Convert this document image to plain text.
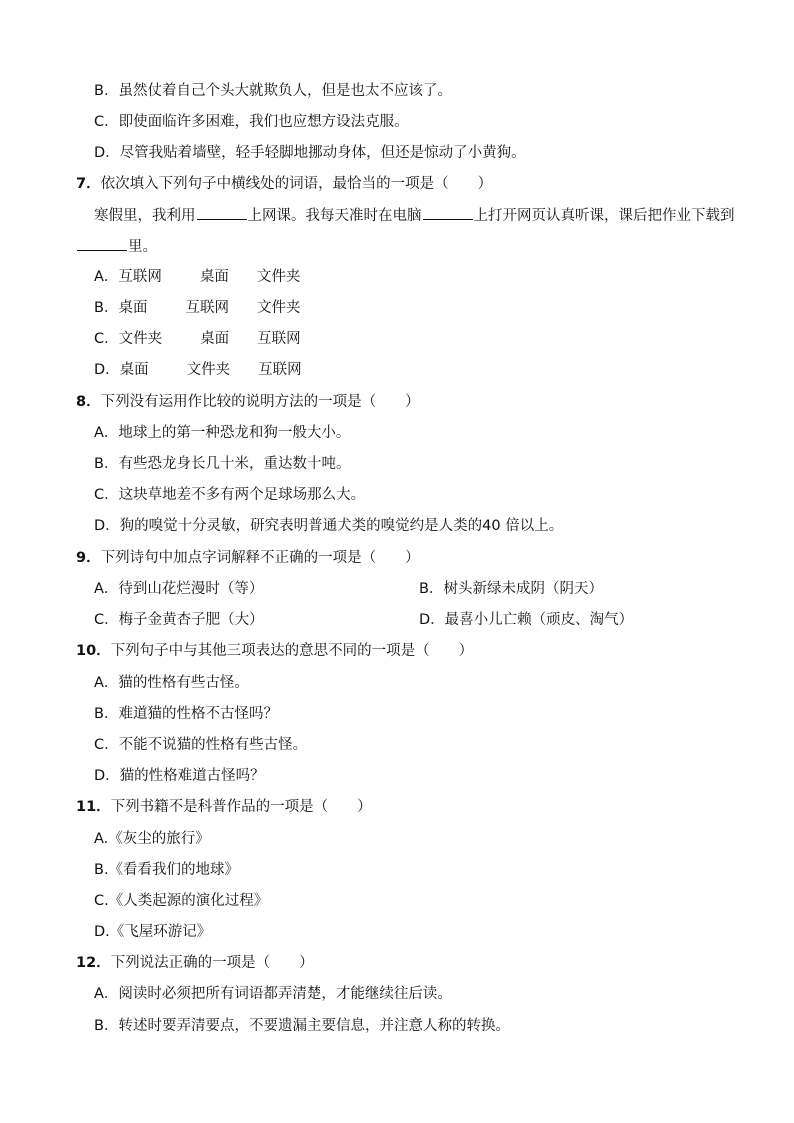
B．虽然仗着自己个头大就欺负人，但是也太不应该了。
C．即使面临许多困难，我们也应想方设法克服。
D．尽管我贴着墙壁，轻手轻脚地挪动身体，但还是惊动了小黄狗。
7．依次填入下列句子中横线处的词语，最恰当的一项是（　　）
寒假里，我利用	上网课。我每天准时在电脑	上打开网页认真听课，课后把作业下载到
里。
A．互联网	桌面 文件夹
B．桌面	互联网 文件夹
C．文件夹	桌面 互联网
D．桌面	文件夹 互联网
8．下列没有运用作比较的说明方法的一项是（　　）
A．地球上的第一种恐龙和狗一般大小。
B．有些恐龙身长几十米，重达数十吨。
C．这块草地差不多有两个足球场那么大。
D．狗的嗅觉十分灵敏，研究表明普通犬类的嗅觉约是人类的40 倍以上。
9．下列诗句中加点字词解释不正确的一项是（　　）
A．待到山花烂漫时（等）	B．树头新绿未成阴（阴天）
C．梅子金黄杏子肥（大）	D．最喜小儿亡赖（顽皮、淘气）
10．下列句子中与其他三项表达的意思不同的一项是（　　）
A．猫的性格有些古怪。
B．难道猫的性格不古怪吗？
C．不能不说猫的性格有些古怪。
D．猫的性格难道古怪吗？
11．下列书籍不是科普作品的一项是（　　）
A.《灰尘的旅行》
B.《看看我们的地球》
C.《人类起源的演化过程》
D.《飞屋环游记》
12．下列说法正确的一项是（　　）
A．阅读时必须把所有词语都弄清楚，才能继续往后读。
B．转述时要弄清要点，不要遗漏主要信息，并注意人称的转换。
